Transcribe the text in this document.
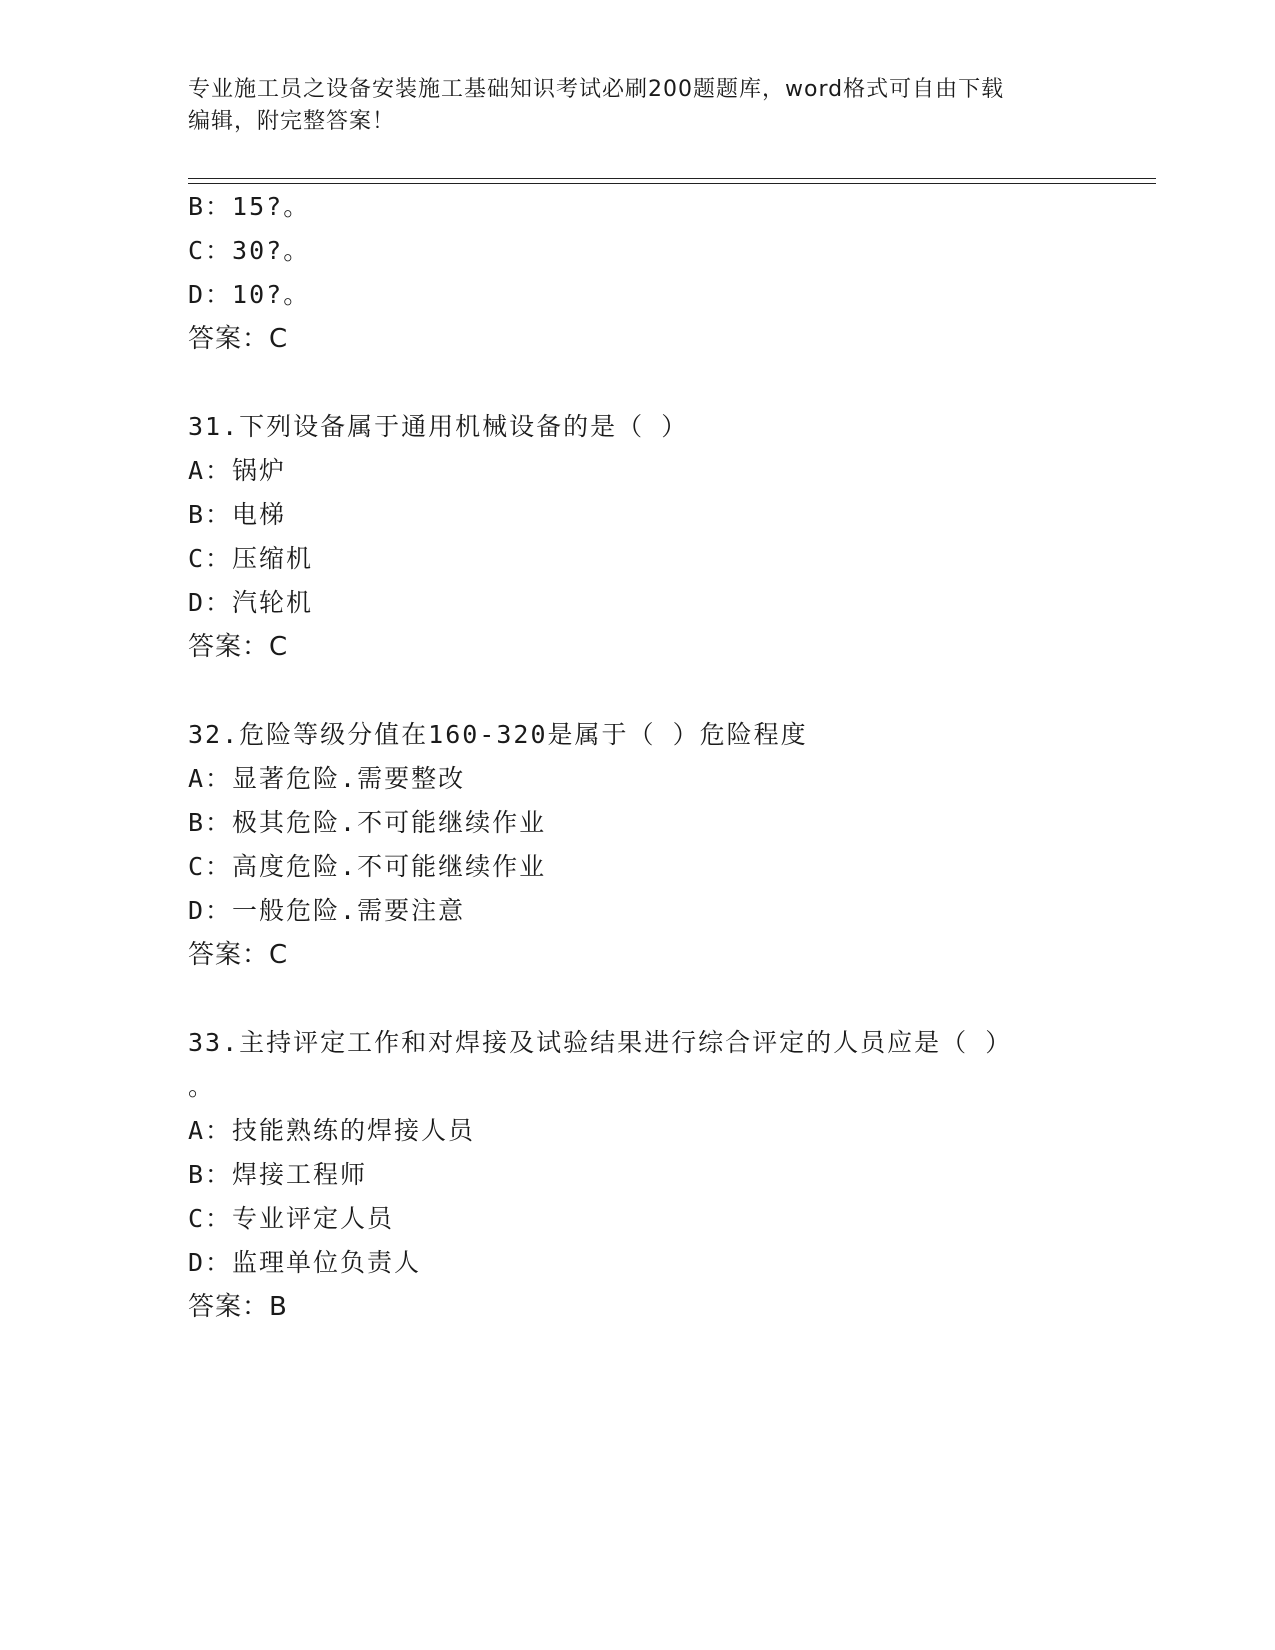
专业施工员之设备安装施工基础知识考试必刷200题题库，word格式可自由下载
编辑，附完整答案！
B：15?。
C：30?。
D：10?。
答案：C
31.下列设备属于通用机械设备的是（ ）
A：锅炉
B：电梯
C：压缩机
D：汽轮机
答案：C
32.危险等级分值在160-320是属于（ ）危险程度
A：显著危险.需要整改
B：极其危险.不可能继续作业
C：高度危险.不可能继续作业
D：一般危险.需要注意
答案：C
33.主持评定工作和对焊接及试验结果进行综合评定的人员应是（ ）
。
A：技能熟练的焊接人员
B：焊接工程师
C：专业评定人员
D：监理单位负责人
答案：B
